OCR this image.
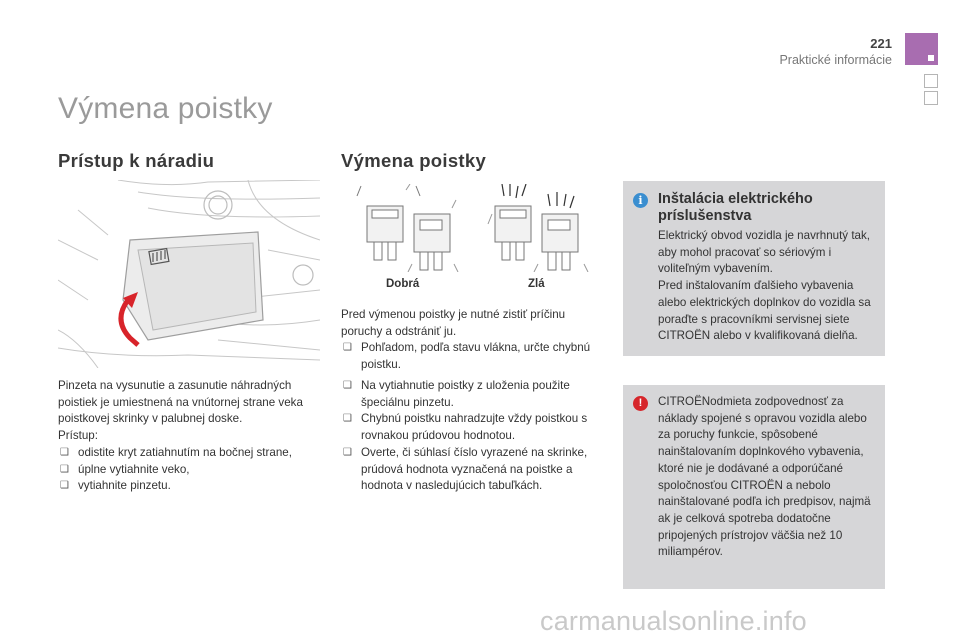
221
Praktické informácie
Výmena poistky
Prístup k náradiu
Pinzeta na vysunutie a zasunutie náhradných poistiek je umiestnená na vnútornej strane veka poistkovej skrinky v palubnej doske.
Prístup:
❑ odistite kryt zatiahnutím na bočnej strane,
❑ úplne vytiahnite veko,
❑ vytiahnite pinzetu.
Výmena poistky
Dobrá	Zlá
Pred výmenou poistky je nutné zistiť príčinu poruchy a odstrániť ju.
❑ Pohľadom, podľa stavu vlákna, určte chybnú poistku.
❑ Na vytiahnutie poistky z uloženia použite špeciálnu pinzetu.
❑ Chybnú poistku nahradzujte vždy poistkou s rovnakou prúdovou hodnotou.
❑ Overte, či súhlasí číslo vyrazené na skrinke, prúdová hodnota vyznačená na poistke a hodnota v nasledujúcich tabuľkách.
i	Inštalácia elektrického príslušenstva
Elektrický obvod vozidla je navrhnutý tak, aby mohol pracovať so sériovým i voliteľným vybavením.
Pred inštalovaním ďalšieho vybavenia alebo elektrických doplnkov do vozidla sa poraďte s pracovníkmi servisnej siete CITROËN alebo v kvalifikovaná dielňa.
!	CITROËNodmieta zodpovednosť za náklady spojené s opravou vozidla alebo za poruchy funkcie, spôsobené nainštalovaním doplnkového vybavenia, ktoré nie je dodávané a odporúčané spoločnosťou CITROËN a nebolo nainštalované podľa ich predpisov, najmä ak je celková spotreba dodatočne pripojených prístrojov väčšia než 10 miliampérov.
carmanualsonline.info
